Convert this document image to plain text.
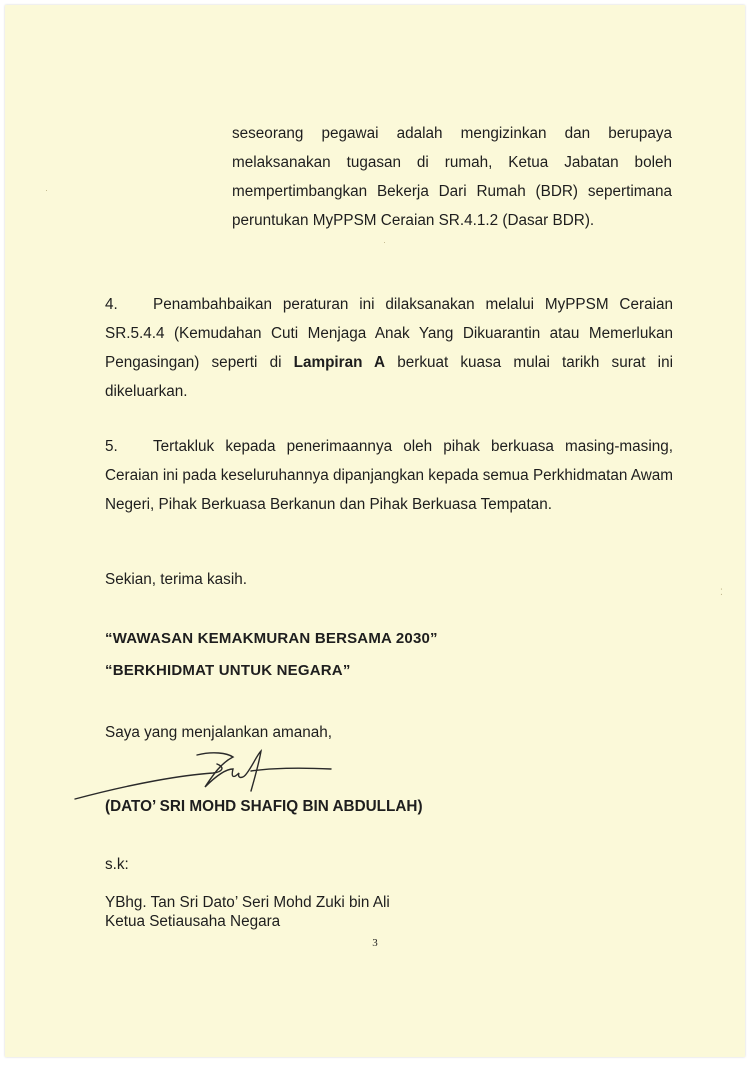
seseorang pegawai adalah mengizinkan dan berupaya melaksanakan tugasan di rumah, Ketua Jabatan boleh mempertimbangkan Bekerja Dari Rumah (BDR) sepertimana peruntukan MyPPSM Ceraian SR.4.1.2 (Dasar BDR).

4. Penambahbaikan peraturan ini dilaksanakan melalui MyPPSM Ceraian SR.5.4.4 (Kemudahan Cuti Menjaga Anak Yang Dikuarantin atau Memerlukan Pengasingan) seperti di Lampiran A berkuat kuasa mulai tarikh surat ini dikeluarkan.

5. Tertakluk kepada penerimaannya oleh pihak berkuasa masing-masing, Ceraian ini pada keseluruhannya dipanjangkan kepada semua Perkhidmatan Awam Negeri, Pihak Berkuasa Berkanun dan Pihak Berkuasa Tempatan.

Sekian, terima kasih.

“WAWASAN KEMAKMURAN BERSAMA 2030”

“BERKHIDMAT UNTUK NEGARA”

Saya yang menjalankan amanah,

(DATO’ SRI MOHD SHAFIQ BIN ABDULLAH)

s.k:

YBhg. Tan Sri Dato’ Seri Mohd Zuki bin Ali

Ketua Setiausaha Negara

3
·
·
⁚
